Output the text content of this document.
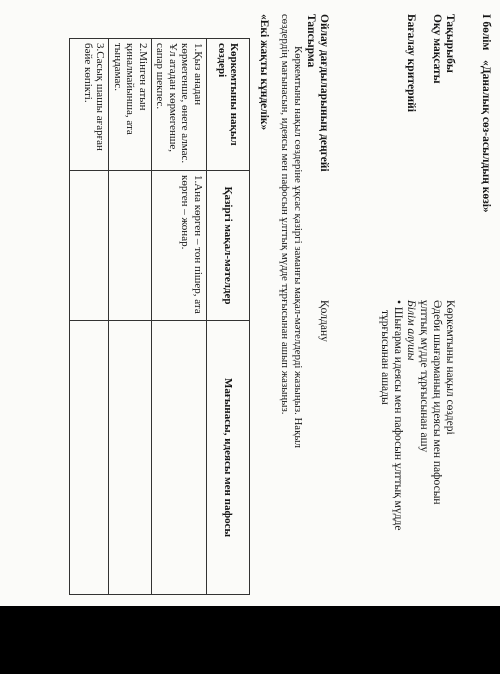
І бөлім
«Даналық сөз-асылдың көзі»
Тақырыбы
Көркемтыны нақыл сөздері
Оқу мақсаты
Әдеби шығарманың идеясы мен пафосын
ұлттық мүдде тұрғысынан ашу
Бағалау критерийі
Білім алушы
• Шығарма идеясы мен пафосын ұлттық мүдде
тұрғысынан ашады
Ойлау дағдыларының деңгейі
Қолдану
Тапсырма
Көркемтыны нақыл сөздеріне ұқсас қазіргі заманғы мақал-мәтелдерді жазыңыз. Нақыл
сөздердің мағынасын, идеясы мен пафосын ұлттық мүдде тұрғысынан ашып жазыңыз.
«Екі жақты кұнделік»
Көркемтыны нақыл сөздері	Қазіргі мақал-мәтелдер	Мағынасы, идеясы мен пафосы
1.Қыз анадан көрмегенше, өнеге алмас. Ұл атадан көрмегенше, сапар шекпес.	1.Ана көрген – тон пішер, ата көрген – жонар.	
2.Мінген атын қиналмайынша, ата тыңдамас.		
3.Сасық шашы ағарған бәйе көпікті.		
